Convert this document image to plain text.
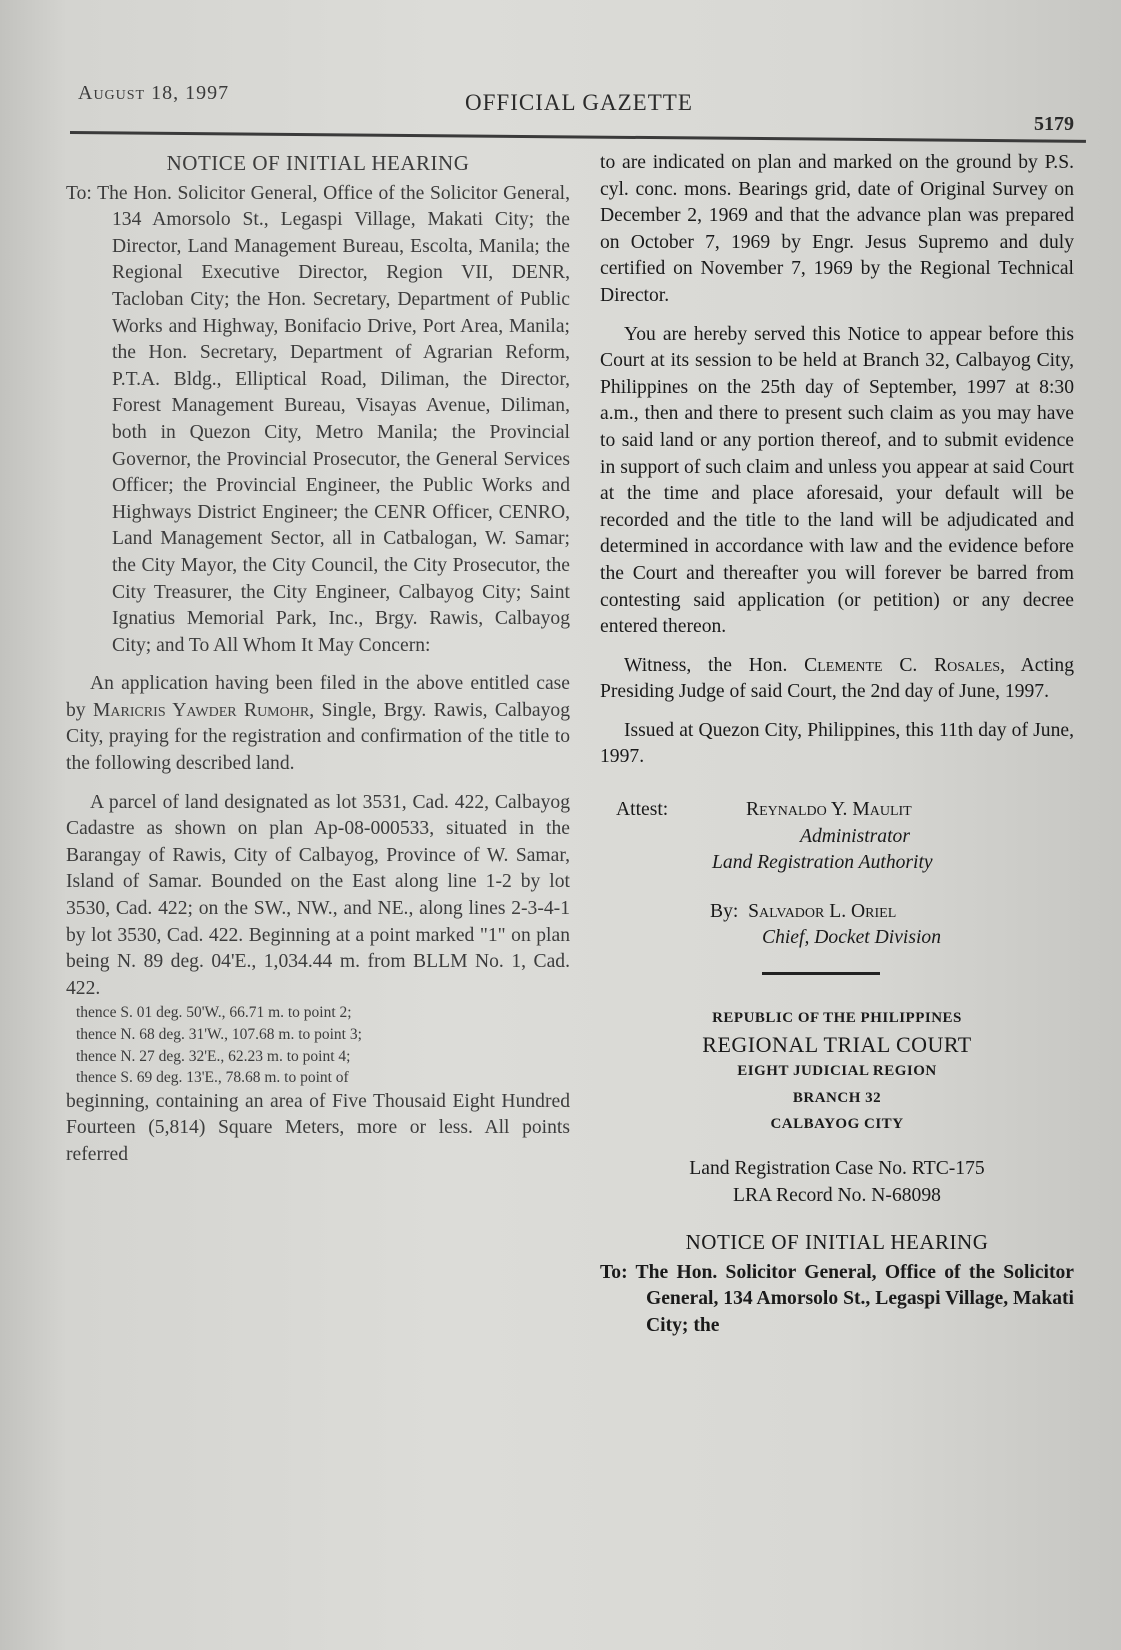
August 18, 1997	OFFICIAL GAZETTE
5179

NOTICE OF INITIAL HEARING

To: The Hon. Solicitor General, Office of the Solicitor General, 134 Amorsolo St., Legaspi Village, Makati City; the Director, Land Management Bureau, Escolta, Manila; the Regional Executive Director, Region VII, DENR, Tacloban City; the Hon. Secretary, Department of Public Works and Highway, Bonifacio Drive, Port Area, Manila; the Hon. Secretary, Department of Agrarian Reform, P.T.A. Bldg., Elliptical Road, Diliman, the Director, Forest Management Bureau, Visayas Avenue, Diliman, both in Quezon City, Metro Manila; the Provincial Governor, the Provincial Prosecutor, the General Services Officer; the Provincial Engineer, the Public Works and Highways District Engineer; the CENR Officer, CENRO, Land Management Sector, all in Catbalogan, W. Samar; the City Mayor, the City Council, the City Prosecutor, the City Treasurer, the City Engineer, Calbayog City; Saint Ignatius Memorial Park, Inc., Brgy. Rawis, Calbayog City; and To All Whom It May Concern:

An application having been filed in the above entitled case by Maricris Yawder Rumohr, Single, Brgy. Rawis, Calbayog City, praying for the registration and confirmation of the title to the following described land.

A parcel of land designated as lot 3531, Cad. 422, Calbayog Cadastre as shown on plan Ap-08-000533, situated in the Barangay of Rawis, City of Calbayog, Province of W. Samar, Island of Samar. Bounded on the East along line 1-2 by lot 3530, Cad. 422; on the SW., NW., and NE., along lines 2-3-4-1 by lot 3530, Cad. 422. Beginning at a point marked "1" on plan being N. 89 deg. 04'E., 1,034.44 m. from BLLM No. 1, Cad. 422.

thence S. 01 deg. 50'W., 66.71 m. to point 2;

thence N. 68 deg. 31'W., 107.68 m. to point 3;

thence N. 27 deg. 32'E., 62.23 m. to point 4;

thence S. 69 deg. 13'E., 78.68 m. to point of

beginning, containing an area of Five Thousaid Eight Hundred Fourteen (5,814) Square Meters, more or less. All points referred

to are indicated on plan and marked on the ground by P.S. cyl. conc. mons. Bearings grid, date of Original Survey on December 2, 1969 and that the advance plan was prepared on October 7, 1969 by Engr. Jesus Supremo and duly certified on November 7, 1969 by the Regional Technical Director.

You are hereby served this Notice to appear before this Court at its session to be held at Branch 32, Calbayog City, Philippines on the 25th day of September, 1997 at 8:30 a.m., then and there to present such claim as you may have to said land or any portion thereof, and to submit evidence in support of such claim and unless you appear at said Court at the time and place aforesaid, your default will be recorded and the title to the land will be adjudicated and determined in accordance with law and the evidence before the Court and thereafter you will forever be barred from contesting said application (or petition) or any decree entered thereon.

Witness, the Hon. Clemente C. Rosales, Acting Presiding Judge of said Court, the 2nd day of June, 1997.

Issued at Quezon City, Philippines, this 11th day of June, 1997.

Attest:	Reynaldo Y. Maulit

Administrator

Land Registration Authority

By: Salvador L. Oriel

Chief, Docket Division

REPUBLIC OF THE PHILIPPINES

REGIONAL TRIAL COURT

EIGHT JUDICIAL REGION

BRANCH 32

CALBAYOG CITY

Land Registration Case No. RTC-175

LRA Record No. N-68098

NOTICE OF INITIAL HEARING

To: The Hon. Solicitor General, Office of the Solicitor General, 134 Amorsolo St., Legaspi Village, Makati City; the
